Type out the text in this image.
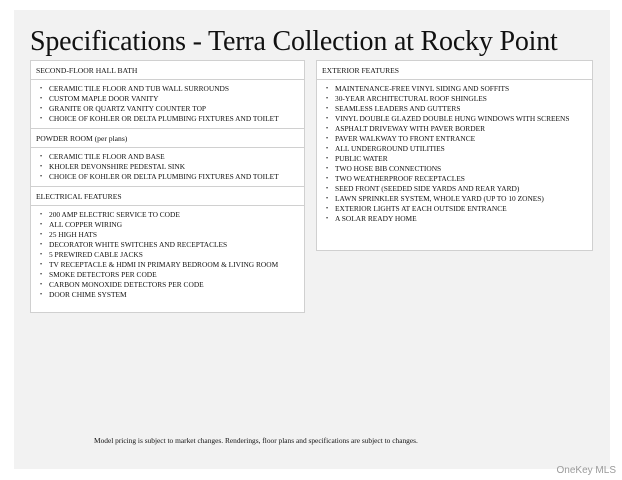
Specifications - Terra Collection at Rocky Point
SECOND-FLOOR HALL BATH
• CERAMIC TILE FLOOR AND TUB WALL SURROUNDS
• CUSTOM MAPLE DOOR VANITY
• GRANITE OR QUARTZ VANITY COUNTER TOP
• CHOICE OF KOHLER OR DELTA PLUMBING FIXTURES AND TOILET
POWDER ROOM (per plans)
• CERAMIC TILE FLOOR AND BASE
• KHOLER DEVONSHIRE PEDESTAL SINK
• CHOICE OF KOHLER OR DELTA PLUMBING FIXTURES AND TOILET
ELECTRICAL FEATURES
• 200 AMP ELECTRIC SERVICE TO CODE
• ALL COPPER WIRING
• 25 HIGH HATS
• DECORATOR WHITE SWITCHES AND RECEPTACLES
• 5 PREWIRED CABLE JACKS
• TV RECEPTACLE & HDMI IN PRIMARY BEDROOM & LIVING ROOM
• SMOKE DETECTORS PER CODE
• CARBON MONOXIDE DETECTORS PER CODE
• DOOR CHIME SYSTEM
EXTERIOR FEATURES
• MAINTENANCE-FREE VINYL SIDING AND SOFFITS
• 30-YEAR ARCHITECTURAL ROOF SHINGLES
• SEAMLESS LEADERS AND GUTTERS
• VINYL DOUBLE GLAZED DOUBLE HUNG WINDOWS WITH SCREENS
• ASPHALT DRIVEWAY WITH PAVER BORDER
• PAVER WALKWAY TO FRONT ENTRANCE
• ALL UNDERGROUND UTILITIES
• PUBLIC WATER
• TWO HOSE BIB CONNECTIONS
• TWO WEATHERPROOF RECEPTACLES
• SEED FRONT (SEEDED SIDE YARDS AND REAR YARD)
• LAWN SPRINKLER SYSTEM, WHOLE YARD (UP TO 10 ZONES)
• EXTERIOR LIGHTS AT EACH OUTSIDE ENTRANCE
• A SOLAR READY HOME
Model pricing is subject to market changes. Renderings, floor plans and specifications are subject to changes.
OneKey MLS
